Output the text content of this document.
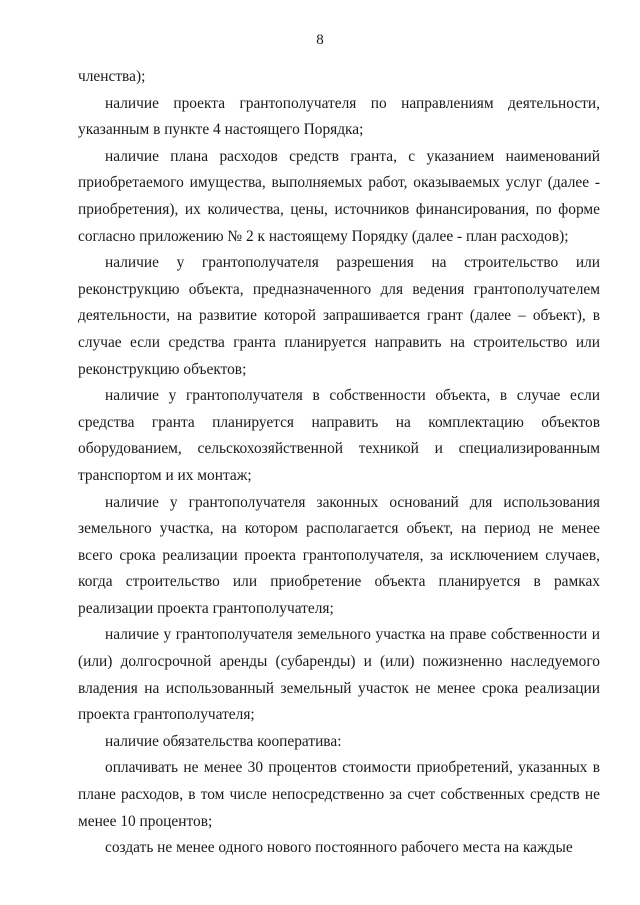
8

членства);

наличие проекта грантополучателя по направлениям деятельности, указанным в пункте 4 настоящего Порядка;

наличие плана расходов средств гранта, с указанием наименований приобретаемого имущества, выполняемых работ, оказываемых услуг (далее - приобретения), их количества, цены, источников финансирования, по форме согласно приложению № 2 к настоящему Порядку (далее - план расходов);

наличие у грантополучателя разрешения на строительство или реконструкцию объекта, предназначенного для ведения грантополучателем деятельности, на развитие которой запрашивается грант (далее – объект), в случае если средства гранта планируется направить на строительство или реконструкцию объектов;

наличие у грантополучателя в собственности объекта, в случае если средства гранта планируется направить на комплектацию объектов оборудованием, сельскохозяйственной техникой и специализированным транспортом и их монтаж;

наличие у грантополучателя законных оснований для использования земельного участка, на котором располагается объект, на период не менее всего срока реализации проекта грантополучателя, за исключением случаев, когда строительство или приобретение объекта планируется в рамках реализации проекта грантополучателя;

наличие у грантополучателя земельного участка на праве собственности и (или) долгосрочной аренды (субаренды) и (или) пожизненно наследуемого владения на использованный земельный участок не менее срока реализации проекта грантополучателя;

наличие обязательства кооператива:

оплачивать не менее 30 процентов стоимости приобретений, указанных в плане расходов, в том числе непосредственно за счет собственных средств не менее 10 процентов;

создать не менее одного нового постоянного рабочего места на каждые
